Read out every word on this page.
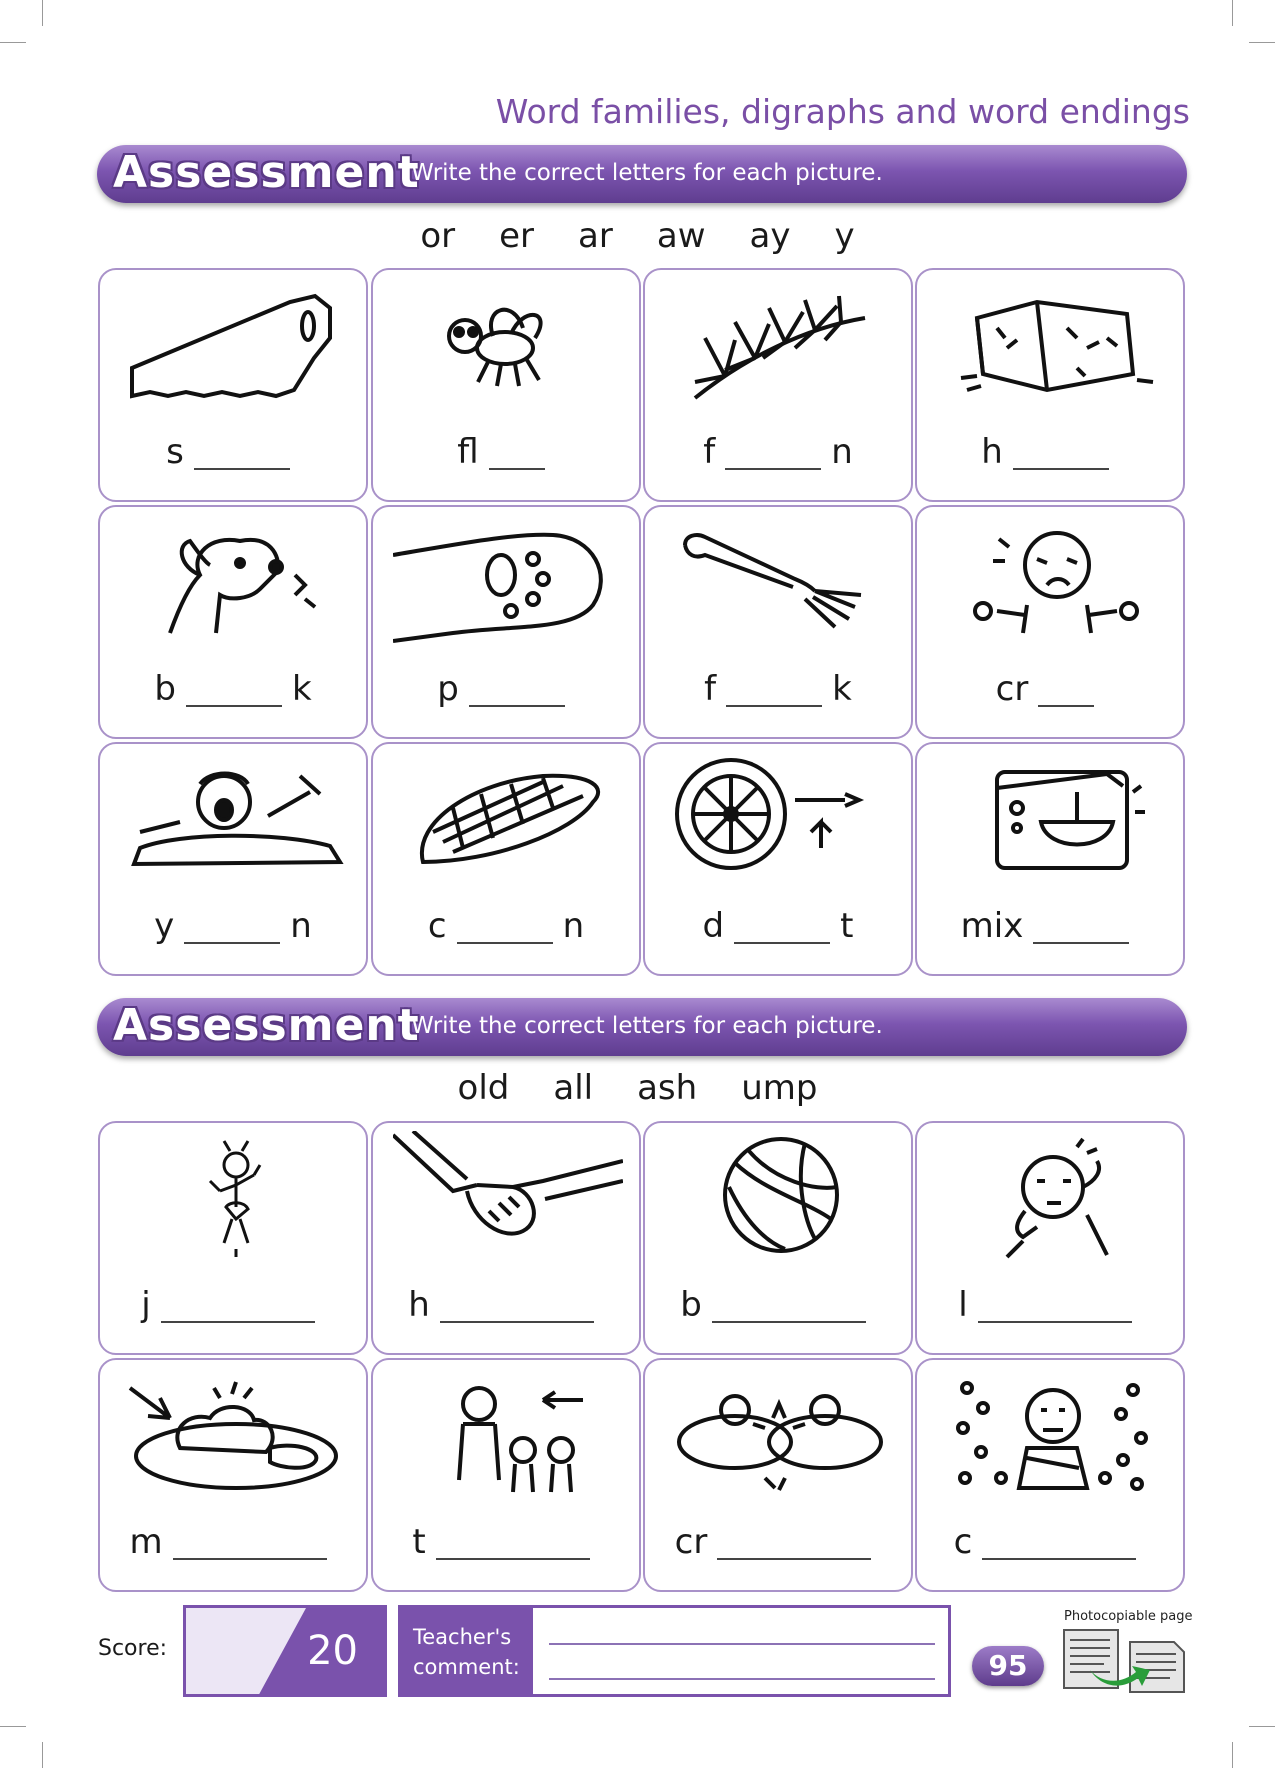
Word families, digraphs and word endings
Assessment
Write the correct letters for each picture.
or er ar aw ay y
s	fl	f	n	h
b	k	p	f	k	cr
y	n	c	n	d	t	mix
Assessment
Write the correct letters for each picture.
old all ash ump
j	h	b	l
m	t	cr	c
Score:	20	Teacher's
comment:	95
Photocopiable page
